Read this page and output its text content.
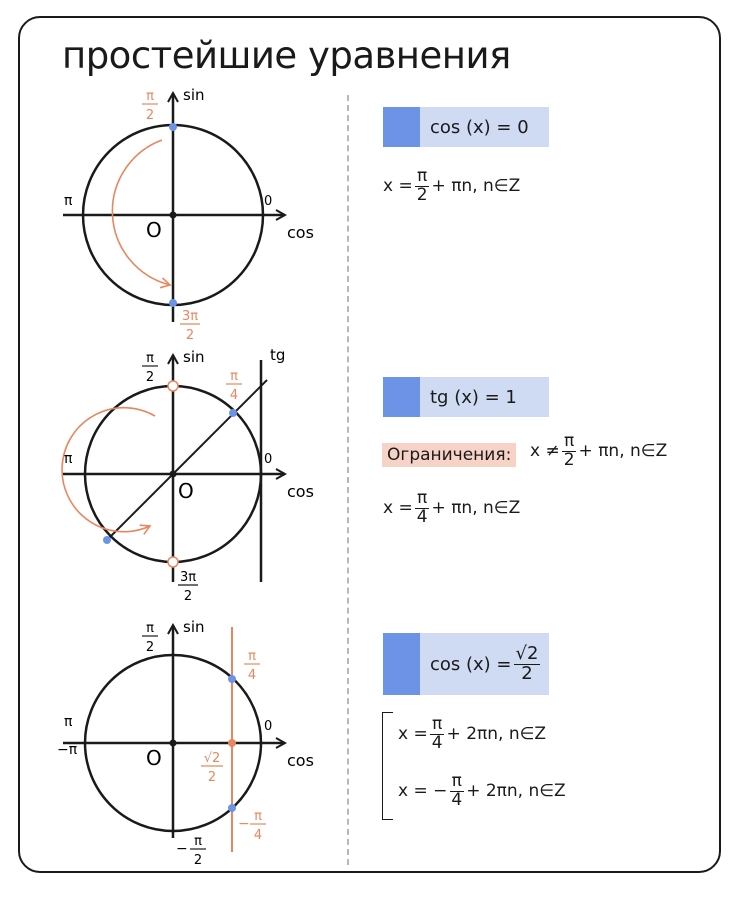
простейшие уравнения
sin
cos
O
π	0
π
2
3π
2
sin	tg
cos
O
π	0
π
2
3π
2
π
4
sin
cos
O
π
−π
0
π
2
− π
2
π
4
− π
4
√2
2
cos (x) = 0
$x = \frac{\pi}{2} + \pi n$, n∈Z
tg (x) = 1
Ограничения: $x \ne \frac{\pi}{2} + \pi n$, n∈Z
$x = \frac{\pi}{4} + \pi n$, n∈Z
$\cos (x) = \frac{√2}{2}$
$x = \frac{\pi}{4} + 2\pi n$, n∈Z
x = − $\frac{\pi}{4} + 2\pi n$, n∈Z
